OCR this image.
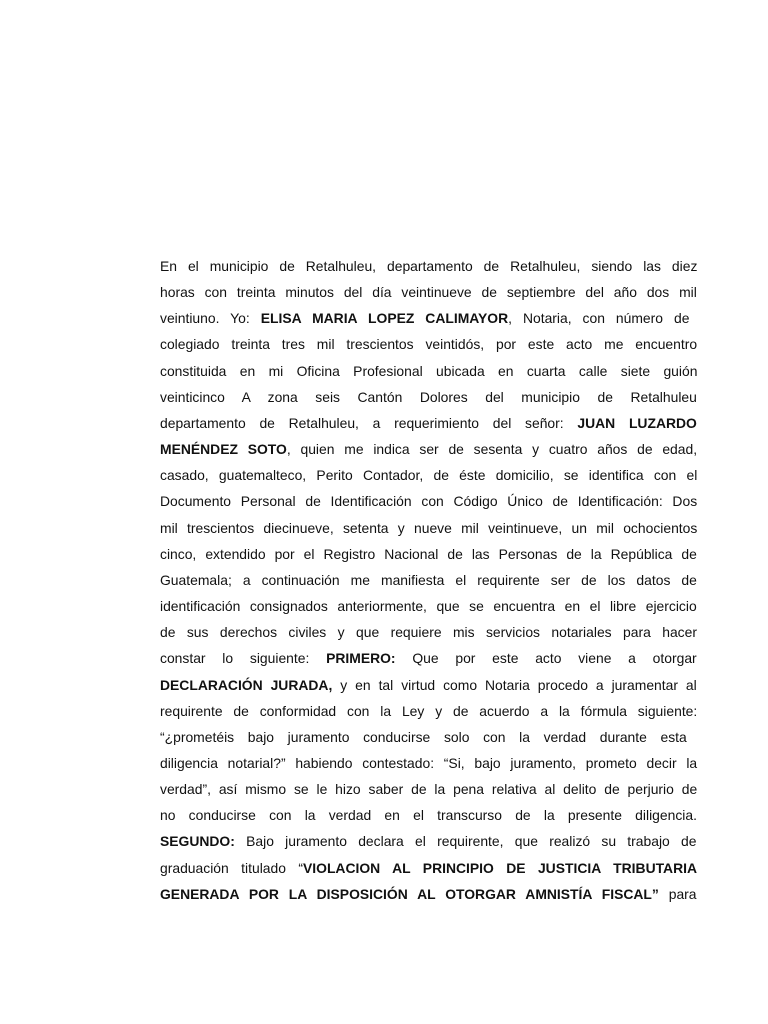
En el municipio de Retalhuleu, departamento de Retalhuleu, siendo las diez
horas con treinta minutos del día veintinueve de septiembre del año dos mil
veintiuno. Yo: ELISA MARIA LOPEZ CALIMAYOR, Notaria, con número de
colegiado treinta tres mil trescientos veintidós, por este acto me encuentro
constituida en mi Oficina Profesional ubicada en cuarta calle siete guión
veinticinco A zona seis Cantón Dolores del municipio de Retalhuleu
departamento de Retalhuleu, a requerimiento del señor: JUAN LUZARDO
MENÉNDEZ SOTO, quien me indica ser de sesenta y cuatro años de edad,
casado, guatemalteco, Perito Contador, de éste domicilio, se identifica con el
Documento Personal de Identificación con Código Único de Identificación: Dos
mil trescientos diecinueve, setenta y nueve mil veintinueve, un mil ochocientos
cinco, extendido por el Registro Nacional de las Personas de la República de
Guatemala; a continuación me manifiesta el requirente ser de los datos de
identificación consignados anteriormente, que se encuentra en el libre ejercicio
de sus derechos civiles y que requiere mis servicios notariales para hacer
constar lo siguiente: PRIMERO: Que por este acto viene a otorgar
DECLARACIÓN JURADA, y en tal virtud como Notaria procedo a juramentar al
requirente de conformidad con la Ley y de acuerdo a la fórmula siguiente:
“¿prometéis bajo juramento conducirse solo con la verdad durante esta
diligencia notarial?” habiendo contestado: “Si, bajo juramento, prometo decir la
verdad”, así mismo se le hizo saber de la pena relativa al delito de perjurio de
no conducirse con la verdad en el transcurso de la presente diligencia.
SEGUNDO: Bajo juramento declara el requirente, que realizó su trabajo de
graduación titulado “VIOLACION AL PRINCIPIO DE JUSTICIA TRIBUTARIA
GENERADA POR LA DISPOSICIÓN AL OTORGAR AMNISTÍA FISCAL” para
